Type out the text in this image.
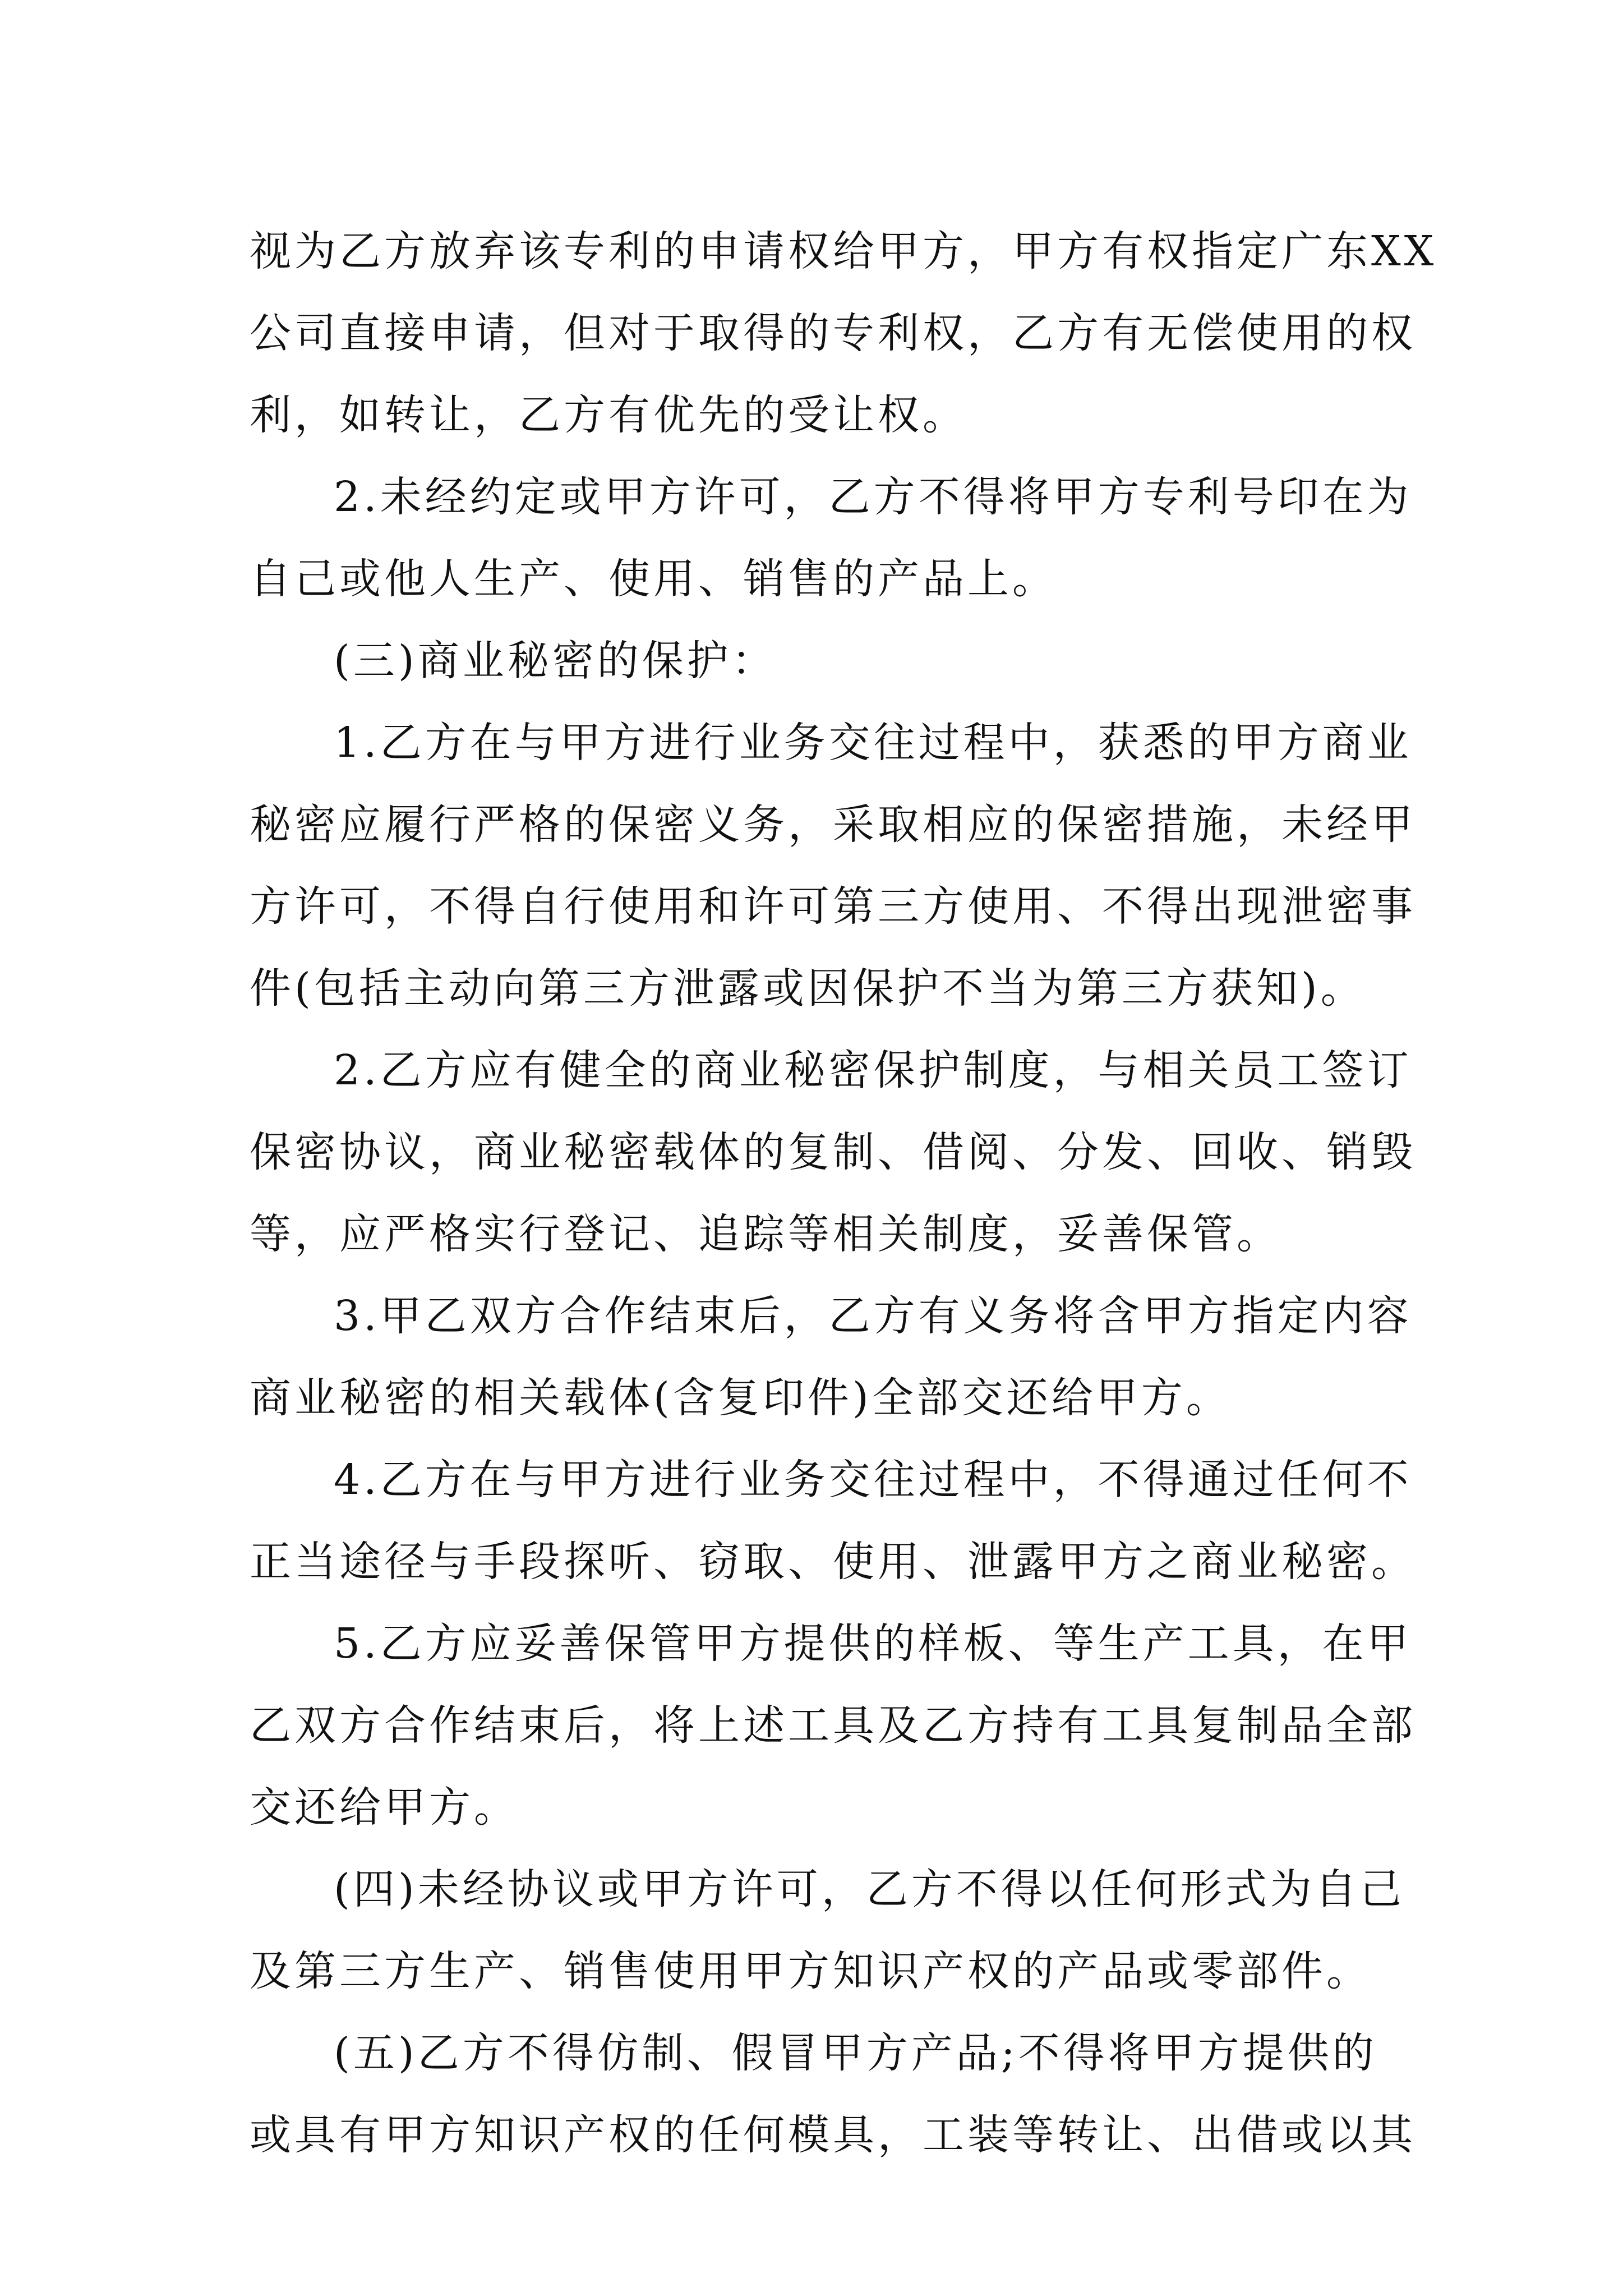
视为乙方放弃该专利的申请权给甲方，甲方有权指定广东XX
公司直接申请，但对于取得的专利权，乙方有无偿使用的权
利，如转让，乙方有优先的受让权。
2.未经约定或甲方许可，乙方不得将甲方专利号印在为
自己或他人生产、使用、销售的产品上。
(三)商业秘密的保护：
1.乙方在与甲方进行业务交往过程中，获悉的甲方商业
秘密应履行严格的保密义务，采取相应的保密措施，未经甲
方许可，不得自行使用和许可第三方使用、不得出现泄密事
件(包括主动向第三方泄露或因保护不当为第三方获知)。
2.乙方应有健全的商业秘密保护制度，与相关员工签订
保密协议，商业秘密载体的复制、借阅、分发、回收、销毁
等，应严格实行登记、追踪等相关制度，妥善保管。
3.甲乙双方合作结束后，乙方有义务将含甲方指定内容
商业秘密的相关载体(含复印件)全部交还给甲方。
4.乙方在与甲方进行业务交往过程中，不得通过任何不
正当途径与手段探听、窃取、使用、泄露甲方之商业秘密。
5.乙方应妥善保管甲方提供的样板、等生产工具，在甲
乙双方合作结束后，将上述工具及乙方持有工具复制品全部
交还给甲方。
(四)未经协议或甲方许可，乙方不得以任何形式为自己
及第三方生产、销售使用甲方知识产权的产品或零部件。
(五)乙方不得仿制、假冒甲方产品;不得将甲方提供的
或具有甲方知识产权的任何模具，工装等转让、出借或以其
